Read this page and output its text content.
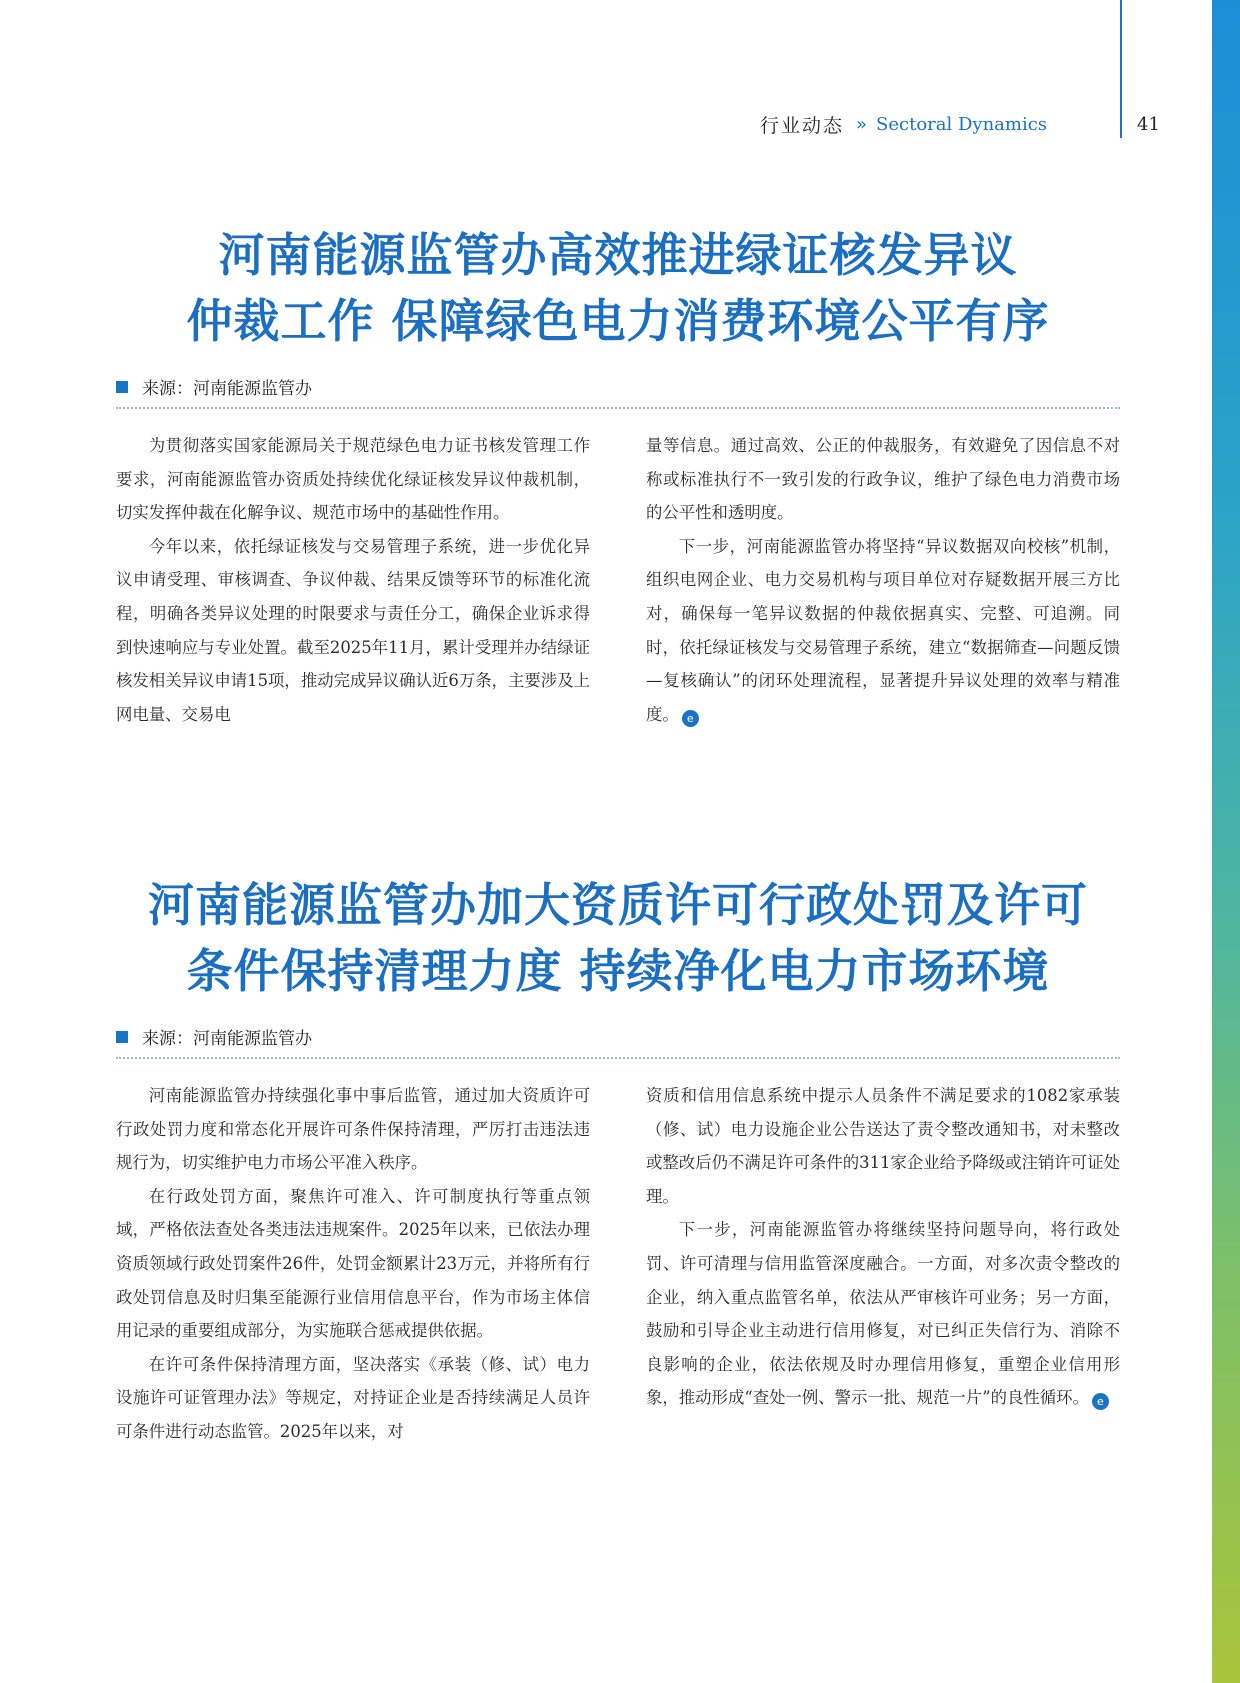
行业动态 » Sectoral Dynamics	41
河南能源监管办高效推进绿证核发异议
仲裁工作 保障绿色电力消费环境公平有序
来源：河南能源监管办

为贯彻落实国家能源局关于规范绿色电力证书核发管理工作要求，河南能源监管办资质处持续优化绿证核发异议仲裁机制，切实发挥仲裁在化解争议、规范市场中的基础性作用。

今年以来，依托绿证核发与交易管理子系统，进一步优化异议申请受理、审核调查、争议仲裁、结果反馈等环节的标准化流程，明确各类异议处理的时限要求与责任分工，确保企业诉求得到快速响应与专业处置。截至2025年11月，累计受理并办结绿证核发相关异议申请15项，推动完成异议确认近6万条，主要涉及上网电量、交易电

量等信息。通过高效、公正的仲裁服务，有效避免了因信息不对称或标准执行不一致引发的行政争议，维护了绿色电力消费市场的公平性和透明度。

下一步，河南能源监管办将坚持“异议数据双向校核”机制，组织电网企业、电力交易机构与项目单位对存疑数据开展三方比对，确保每一笔异议数据的仲裁依据真实、完整、可追溯。同时，依托绿证核发与交易管理子系统，建立“数据筛查—问题反馈—复核确认”的闭环处理流程，显著提升异议处理的效率与精准度。 e

河南能源监管办加大资质许可行政处罚及许可
条件保持清理力度 持续净化电力市场环境
来源：河南能源监管办

河南能源监管办持续强化事中事后监管，通过加大资质许可行政处罚力度和常态化开展许可条件保持清理，严厉打击违法违规行为，切实维护电力市场公平准入秩序。

在行政处罚方面，聚焦许可准入、许可制度执行等重点领域，严格依法查处各类违法违规案件。2025年以来，已依法办理资质领域行政处罚案件26件，处罚金额累计23万元，并将所有行政处罚信息及时归集至能源行业信用信息平台，作为市场主体信用记录的重要组成部分，为实施联合惩戒提供依据。

在许可条件保持清理方面，坚决落实《承装（修、试）电力设施许可证管理办法》等规定，对持证企业是否持续满足人员许可条件进行动态监管。2025年以来，对

资质和信用信息系统中提示人员条件不满足要求的1082家承装（修、试）电力设施企业公告送达了责令整改通知书，对未整改或整改后仍不满足许可条件的311家企业给予降级或注销许可证处理。

下一步，河南能源监管办将继续坚持问题导向，将行政处罚、许可清理与信用监管深度融合。一方面，对多次责令整改的企业，纳入重点监管名单，依法从严审核许可业务；另一方面，鼓励和引导企业主动进行信用修复，对已纠正失信行为、消除不良影响的企业，依法依规及时办理信用修复，重塑企业信用形象，推动形成“查处一例、警示一批、规范一片”的良性循环。 e
